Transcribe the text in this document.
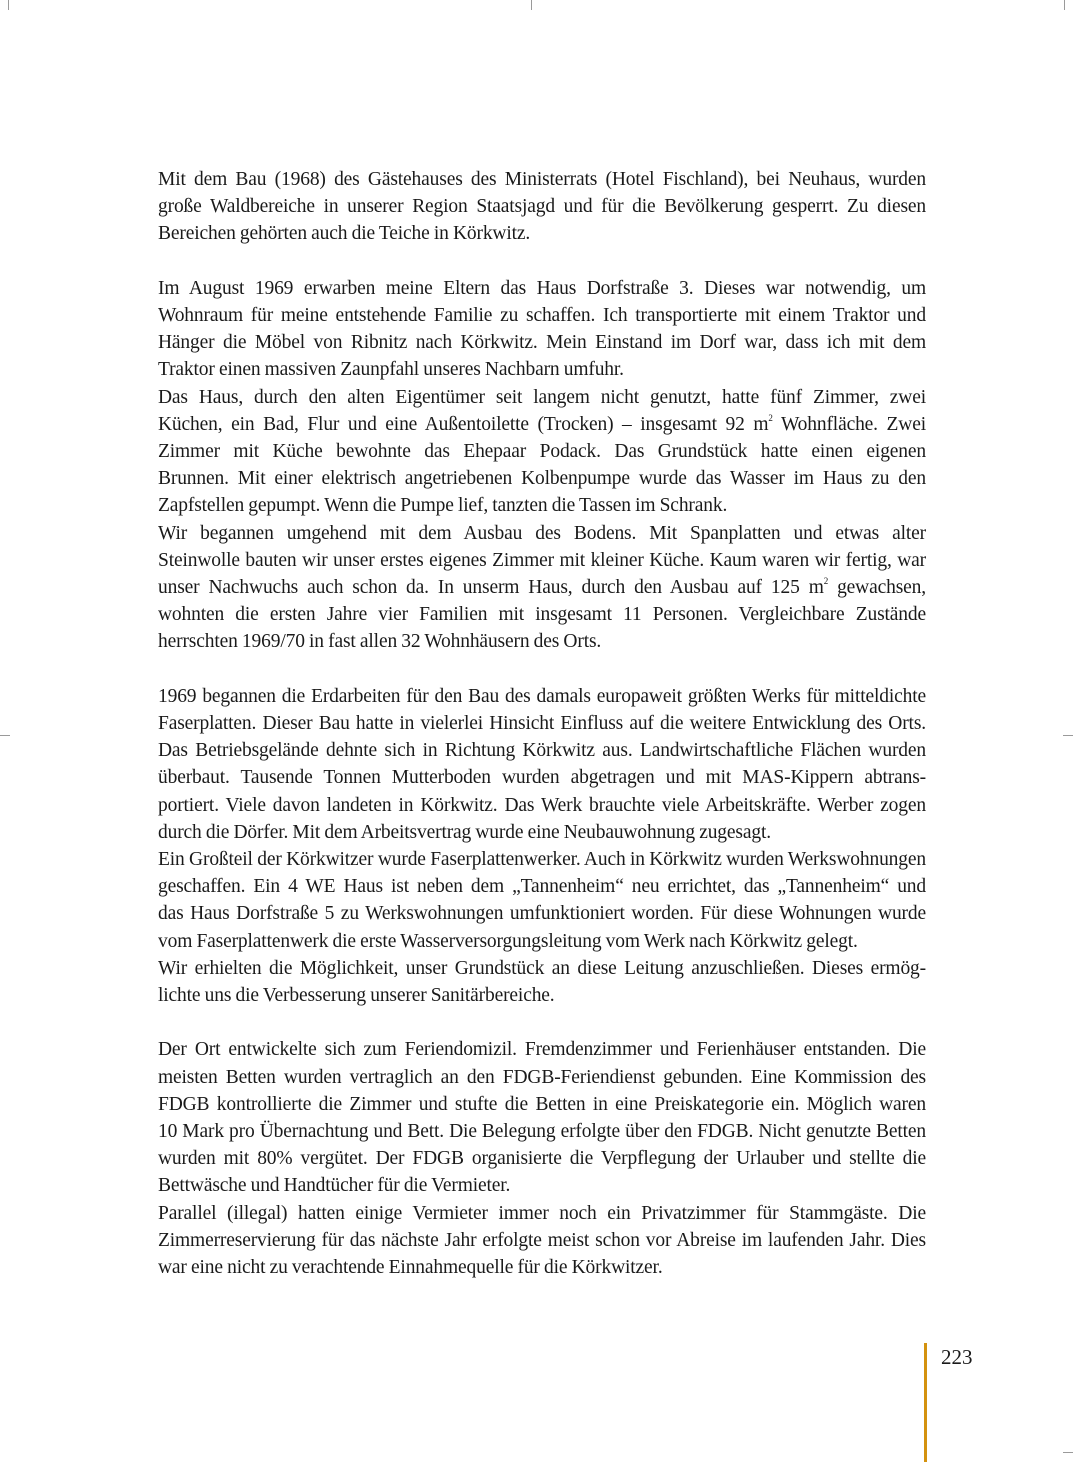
Mit dem Bau (1968) des Gästehauses des Ministerrats (Hotel Fischland), bei Neuhaus, wurden
große Waldbereiche in unserer Region Staatsjagd und für die Bevölkerung gesperrt. Zu diesen
Bereichen gehörten auch die Teiche in Körkwitz.

Im August 1969 erwarben meine Eltern das Haus Dorfstraße 3. Dieses war notwendig, um
Wohnraum für meine entstehende Familie zu schaffen. Ich transportierte mit einem Traktor und
Hänger die Möbel von Ribnitz nach Körkwitz. Mein Einstand im Dorf war, dass ich mit dem
Traktor einen massiven Zaunpfahl unseres Nachbarn umfuhr.

Das Haus, durch den alten Eigentümer seit langem nicht genutzt, hatte fünf Zimmer, zwei
Küchen, ein Bad, Flur und eine Außentoilette (Trocken) – insgesamt 92 $m^2$ Wohnfläche. Zwei
Zimmer mit Küche bewohnte das Ehepaar Podack. Das Grundstück hatte einen eigenen
Brunnen. Mit einer elektrisch angetriebenen Kolbenpumpe wurde das Wasser im Haus zu den
Zapfstellen gepumpt. Wenn die Pumpe lief, tanzten die Tassen im Schrank.

Wir begannen umgehend mit dem Ausbau des Bodens. Mit Spanplatten und etwas alter
Steinwolle bauten wir unser erstes eigenes Zimmer mit kleiner Küche. Kaum waren wir fertig, war
unser Nachwuchs auch schon da. In unserm Haus, durch den Ausbau auf 125 $m^2$ gewachsen,
wohnten die ersten Jahre vier Familien mit insgesamt 11 Personen. Vergleichbare Zustände
herrschten 1969/70 in fast allen 32 Wohnhäusern des Orts.

1969 begannen die Erdarbeiten für den Bau des damals europaweit größten Werks für mitteldichte
Faserplatten. Dieser Bau hatte in vielerlei Hinsicht Einfluss auf die weitere Entwicklung des Orts.
Das Betriebsgelände dehnte sich in Richtung Körkwitz aus. Landwirtschaftliche Flächen wurden
überbaut. Tausende Tonnen Mutterboden wurden abgetragen und mit MAS-Kippern abtrans-
portiert. Viele davon landeten in Körkwitz. Das Werk brauchte viele Arbeitskräfte. Werber zogen
durch die Dörfer. Mit dem Arbeitsvertrag wurde eine Neubauwohnung zugesagt.

Ein Großteil der Körkwitzer wurde Faserplattenwerker. Auch in Körkwitz wurden Werkswohnungen
geschaffen. Ein 4 WE Haus ist neben dem „Tannenheim“ neu errichtet, das „Tannenheim“ und
das Haus Dorfstraße 5 zu Werkswohnungen umfunktioniert worden. Für diese Wohnungen wurde
vom Faserplattenwerk die erste Wasserversorgungsleitung vom Werk nach Körkwitz gelegt.

Wir erhielten die Möglichkeit, unser Grundstück an diese Leitung anzuschließen. Dieses ermög-
lichte uns die Verbesserung unserer Sanitärbereiche.

Der Ort entwickelte sich zum Feriendomizil. Fremdenzimmer und Ferienhäuser entstanden. Die
meisten Betten wurden vertraglich an den FDGB-Feriendienst gebunden. Eine Kommission des
FDGB kontrollierte die Zimmer und stufte die Betten in eine Preiskategorie ein. Möglich waren
10 Mark pro Übernachtung und Bett. Die Belegung erfolgte über den FDGB. Nicht genutzte Betten
wurden mit 80% vergütet. Der FDGB organisierte die Verpflegung der Urlauber und stellte die
Bettwäsche und Handtücher für die Vermieter.

Parallel (illegal) hatten einige Vermieter immer noch ein Privatzimmer für Stammgäste. Die
Zimmerreservierung für das nächste Jahr erfolgte meist schon vor Abreise im laufenden Jahr. Dies
war eine nicht zu verachtende Einnahmequelle für die Körkwitzer.

223
